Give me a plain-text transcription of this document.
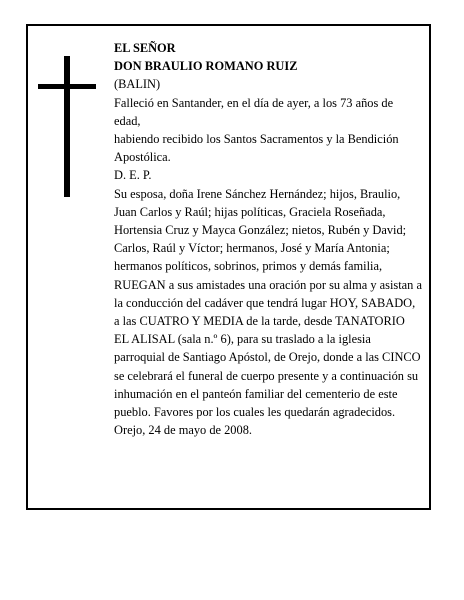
EL SEÑOR

DON BRAULIO ROMANO RUIZ

(BALIN)

Falleció en Santander, en el día de ayer, a los 73 años de edad,

habiendo recibido los Santos Sacramentos y la Bendición Apostólica.

D. E. P.

Su esposa, doña Irene Sánchez Hernández; hijos, Braulio, Juan Carlos y Raúl; hijas políticas, Graciela Roseñada, Hortensia Cruz y Mayca González; nietos, Rubén y David; Carlos, Raúl y Víctor; hermanos, José y María Antonia; hermanos políticos, sobrinos, primos y demás familia,

RUEGAN a sus amistades una oración por su alma y asistan a la conducción del cadáver que tendrá lugar HOY, SABADO, a las CUATRO Y MEDIA de la tarde, desde TANATORIO EL ALISAL (sala n.º 6), para su traslado a la iglesia parroquial de Santiago Apóstol, de Orejo, donde a las CINCO se celebrará el funeral de cuerpo presente y a continuación su inhumación en el panteón familiar del cementerio de este pueblo. Favores por los cuales les quedarán agradecidos.

Orejo, 24 de mayo de 2008.
